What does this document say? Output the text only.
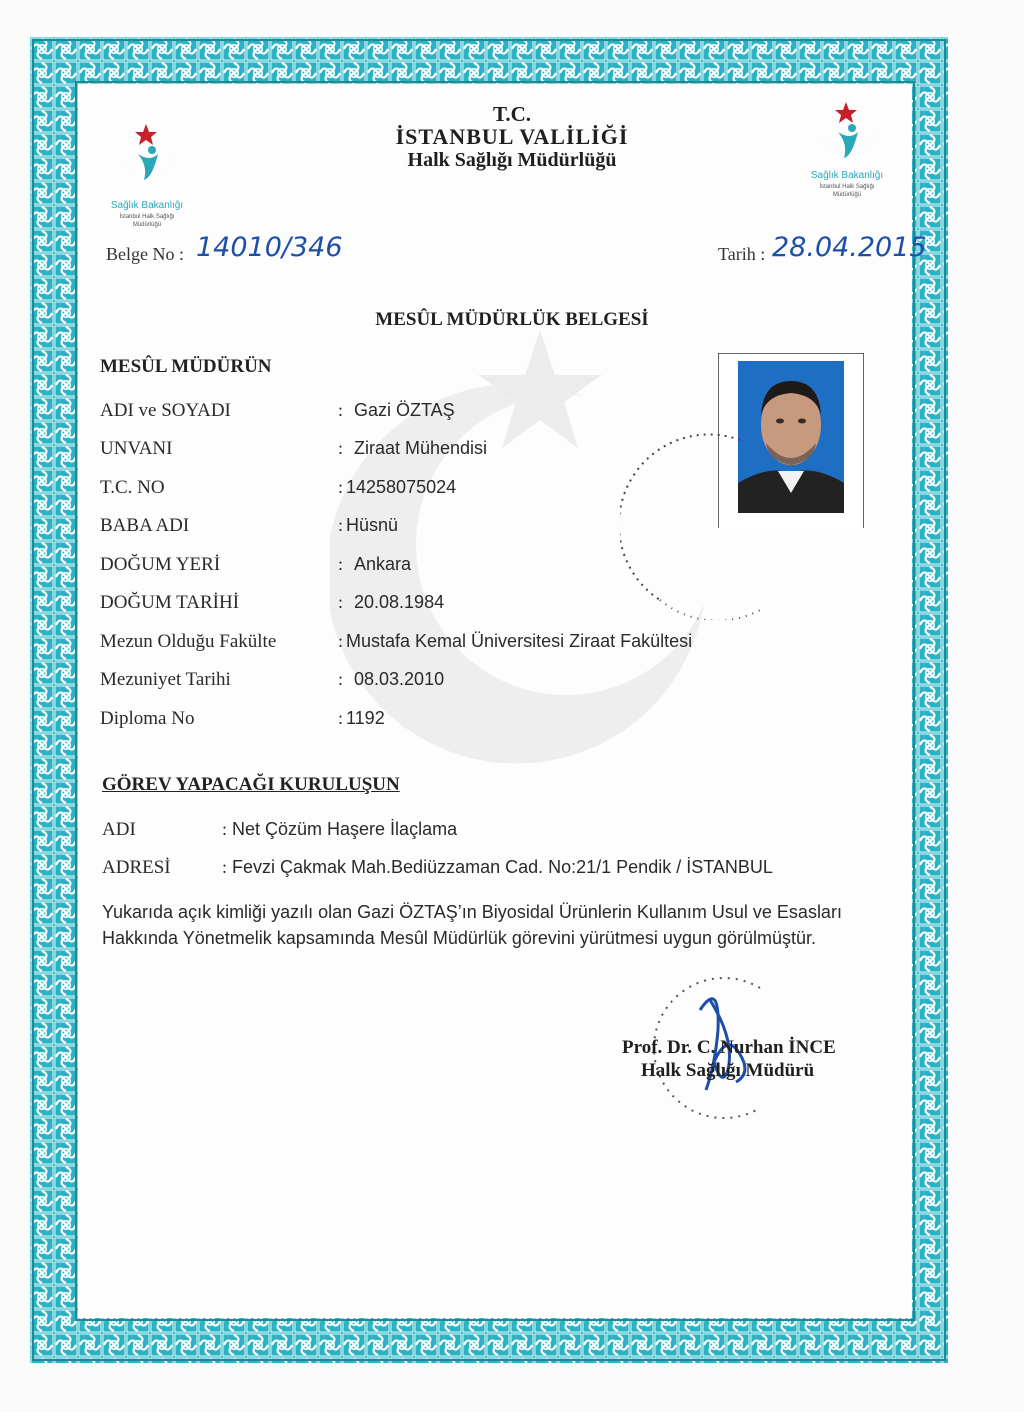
T.C.
İSTANBUL VALİLİĞİ
Halk Sağlığı Müdürlüğü
Sağlık Bakanlığı
İstanbul Halk Sağlığı
Müdürlüğü
Sağlık Bakanlığı
İstanbul Halk Sağlığı
Müdürlüğü
Belge No : 14010/346	Tarih : 28.04.2015
MESÛL MÜDÜRLÜK BELGESİ
MESÛL MÜDÜRÜN
ADI ve SOYADI	: Gazi ÖZTAŞ
UNVANI	: Ziraat Mühendisi
T.C. NO	: 14258075024
BABA ADI	: Hüsnü
DOĞUM YERİ	: Ankara
DOĞUM TARİHİ	: 20.08.1984
Mezun Olduğu Fakülte	: Mustafa Kemal Üniversitesi Ziraat Fakültesi
Mezuniyet Tarihi	: 08.03.2010
Diploma No	: 1192
GÖREV YAPACAĞI KURULUŞUN
ADI	: Net Çözüm Haşere İlaçlama
ADRESİ	: Fevzi Çakmak Mah.Bediüzzaman Cad. No:21/1 Pendik / İSTANBUL
Yukarıda açık kimliği yazılı olan Gazi ÖZTAŞ’ın Biyosidal Ürünlerin Kullanım Usul ve Esasları
Hakkında Yönetmelik kapsamında Mesûl Müdürlük görevini yürütmesi uygun görülmüştür.
Prof. Dr. C. Nurhan İNCE
Halk Sağlığı Müdürü
